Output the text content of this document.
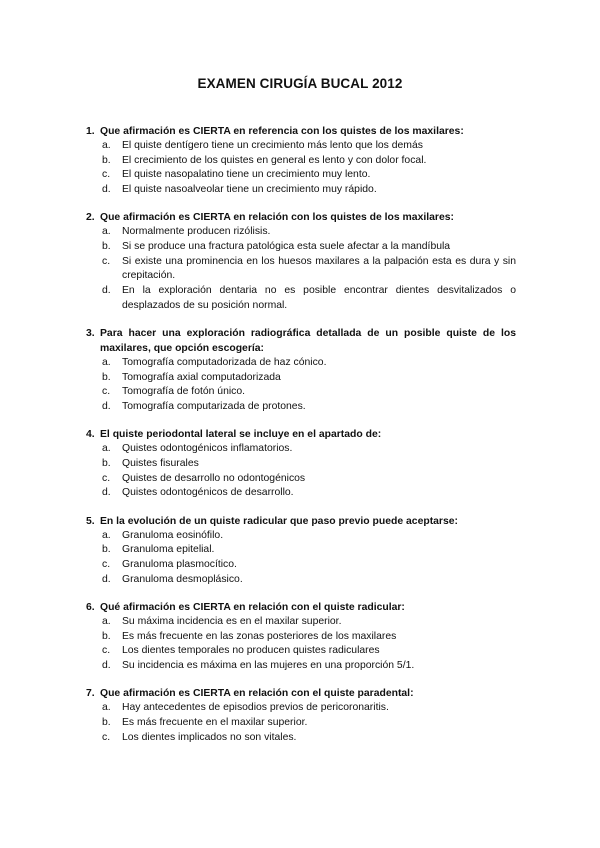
EXAMEN CIRUGÍA BUCAL 2012
1. Que afirmación es CIERTA en referencia con los quistes de los maxilares:
a.	El quiste dentígero tiene un crecimiento más lento que los demás
b.	El crecimiento de los quistes en general es lento y con dolor focal.
c.	El quiste nasopalatino tiene un crecimiento muy lento.
d.	El quiste nasoalveolar tiene un crecimiento muy rápido.
2. Que afirmación es CIERTA en relación con los quistes de los maxilares:
a.	Normalmente producen rizólisis.
b.	Si se produce una fractura patológica esta suele afectar a la mandíbula
c.	Si existe una prominencia en los huesos maxilares a la palpación esta es dura y sin crepitación.
d.	En la exploración dentaria no es posible encontrar dientes desvitalizados o desplazados de su posición normal.
3. Para hacer una exploración radiográfica detallada de un posible quiste de los maxilares, que opción escogería:
a.	Tomografía computadorizada de haz cónico.
b.	Tomografía axial computadorizada
c.	Tomografía de fotón único.
d.	Tomografía computarizada de protones.
4. El quiste periodontal lateral se incluye en el apartado de:
a.	Quistes odontogénicos inflamatorios.
b.	Quistes fisurales
c.	Quistes de desarrollo no odontogénicos
d.	Quistes odontogénicos de desarrollo.
5. En la evolución de un quiste radicular que paso previo puede aceptarse:
a.	Granuloma eosinófilo.
b.	Granuloma epitelial.
c.	Granuloma plasmocítico.
d.	Granuloma desmoplásico.
6. Qué afirmación es CIERTA en relación con el quiste radicular:
a.	Su máxima incidencia es en el maxilar superior.
b.	Es más frecuente en las zonas posteriores de los maxilares
c.	Los dientes temporales no producen quistes radiculares
d.	Su incidencia es máxima en las mujeres en una proporción 5/1.
7. Que afirmación es CIERTA en relación con el quiste paradental:
a.	Hay antecedentes de episodios previos de pericoronaritis.
b.	Es más frecuente en el maxilar superior.
c.	Los dientes implicados no son vitales.
